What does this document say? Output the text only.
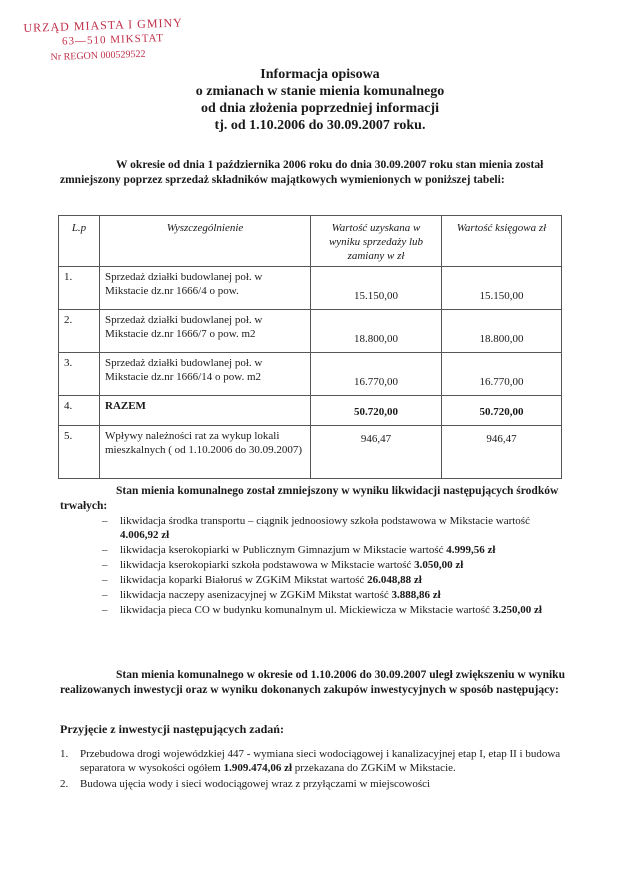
URZĄD MIASTA I GMINY
63—510 MIKSTAT
Nr REGON 000529522
Informacja opisowa
o zmianach w stanie mienia komunalnego
od dnia złożenia poprzedniej informacji
tj. od 1.10.2006 do 30.09.2007 roku.
W okresie od dnia 1 października 2006 roku do dnia 30.09.2007 roku stan mienia został zmniejszony poprzez sprzedaż składników majątkowych wymienionych w poniższej tabeli:
L.p	Wyszczególnienie	Wartość uzyskana w wyniku sprzedaży lub zamiany w zł	Wartość księgowa zł
1.	Sprzedaż działki budowlanej poł. w Mikstacie dz.nr 1666/4 o pow.	15.150,00	15.150,00
2.	Sprzedaż działki budowlanej poł. w Mikstacie dz.nr 1666/7 o pow. m2	18.800,00	18.800,00
3.	Sprzedaż działki budowlanej poł. w Mikstacie dz.nr 1666/14 o pow. m2	16.770,00	16.770,00
4.	RAZEM	50.720,00	50.720,00
5.	Wpływy należności rat za wykup lokali mieszkalnych ( od 1.10.2006 do 30.09.2007)	946,47	946,47
Stan mienia komunalnego został zmniejszony w wyniku likwidacji następujących środków trwałych:
– likwidacja środka transportu – ciągnik jednoosiowy szkoła podstawowa w Mikstacie wartość 4.006,92 zł
– likwidacja kserokopiarki w Publicznym Gimnazjum w Mikstacie wartość 4.999,56 zł
– likwidacja kserokopiarki szkoła podstawowa w Mikstacie wartość 3.050,00 zł
– likwidacja koparki Białoruś w ZGKiM Mikstat wartość 26.048,88 zł
– likwidacja naczepy asenizacyjnej w ZGKiM Mikstat wartość 3.888,86 zł
– likwidacja pieca CO w budynku komunalnym ul. Mickiewicza w Mikstacie wartość 3.250,00 zł
Stan mienia komunalnego w okresie od 1.10.2006 do 30.09.2007 uległ zwiększeniu w wyniku realizowanych inwestycji oraz w wyniku dokonanych zakupów inwestycyjnych w sposób następujący:
Przyjęcie z inwestycji następujących zadań:
1. Przebudowa drogi wojewódzkiej 447 - wymiana sieci wodociągowej i kanalizacyjnej etap I, etap II i budowa separatora w wysokości ogółem 1.909.474,06 zł przekazana do ZGKiM w Mikstacie.
2. Budowa ujęcia wody i sieci wodociągowej wraz z przyłączami w miejscowości
